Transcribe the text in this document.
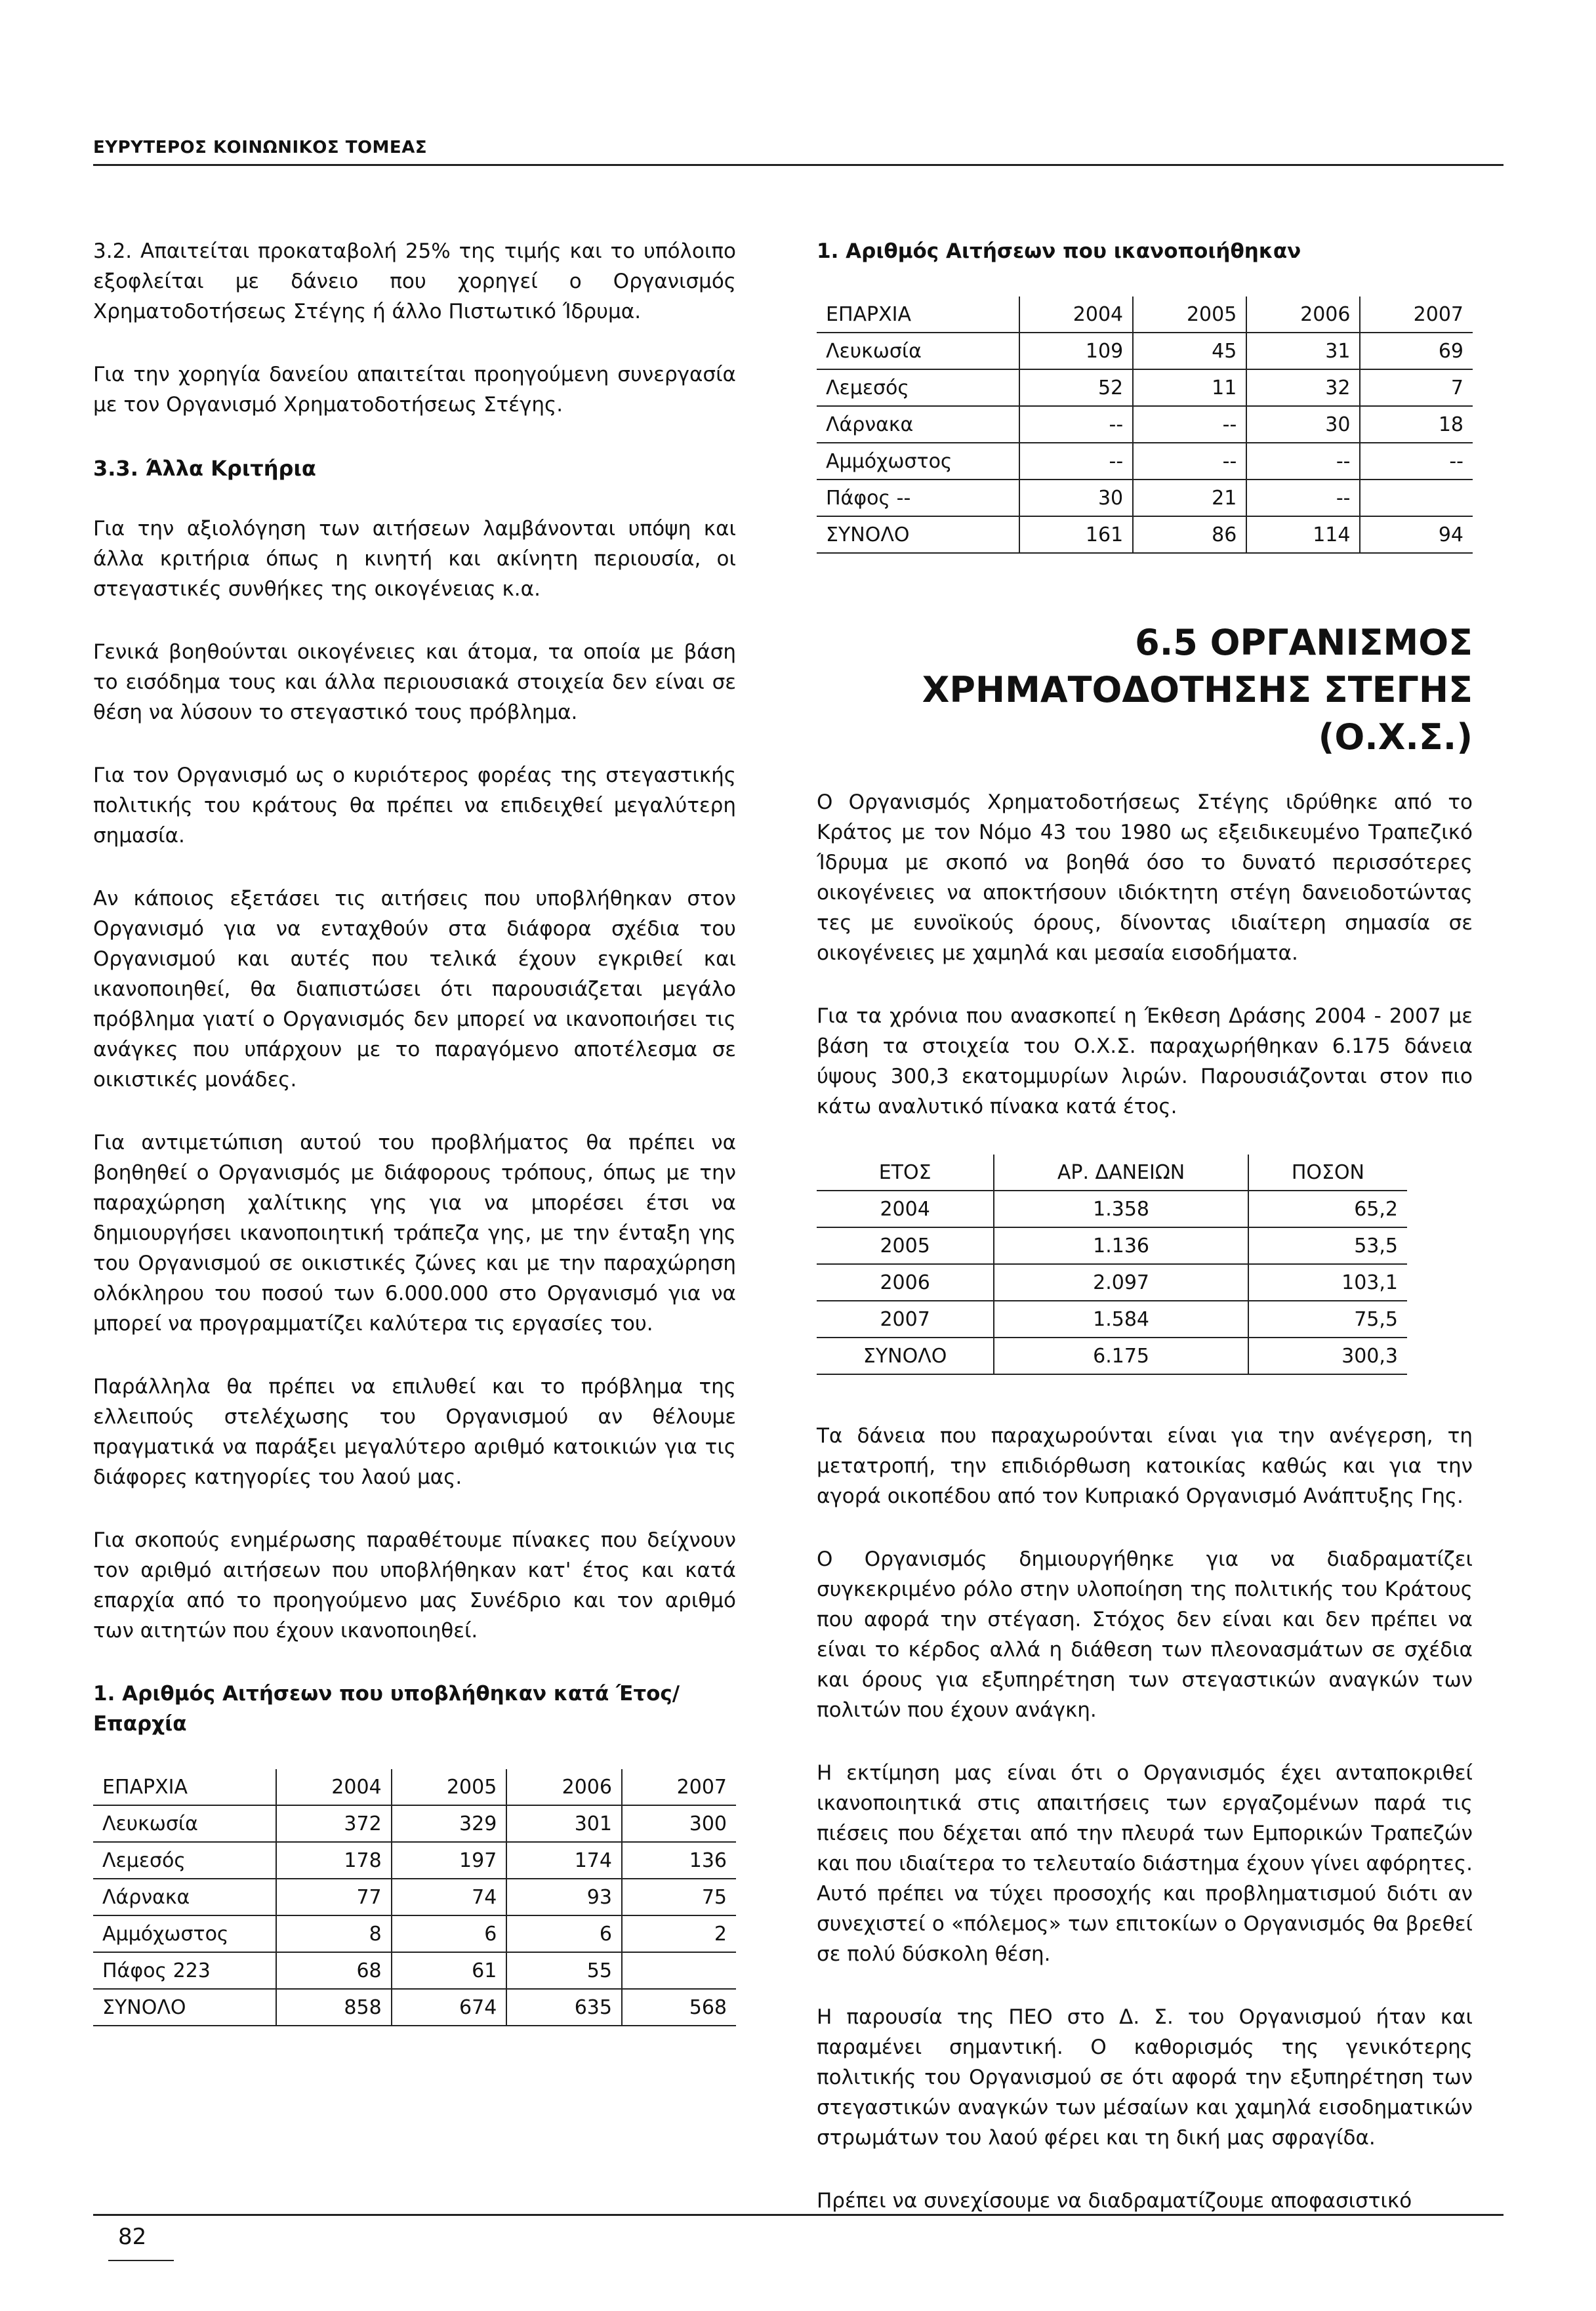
ΕΥΡΥΤΕΡΟΣ ΚΟΙΝΩΝΙΚΟΣ ΤΟΜΕΑΣ

3.2. Απαιτείται προκαταβολή 25% της τιμής και το υπόλοιπο εξοφλείται με δάνειο που χορηγεί ο Οργανισμός Χρηματοδοτήσεως Στέγης ή άλλο Πιστωτικό Ίδρυμα.

Για την χορηγία δανείου απαιτείται προηγούμενη συνεργασία με τον Οργανισμό Χρηματοδοτήσεως Στέγης.

3.3. Άλλα Κριτήρια

Για την αξιολόγηση των αιτήσεων λαμβάνονται υπόψη και άλλα κριτήρια όπως η κινητή και ακίνητη περιουσία, οι στεγαστικές συνθήκες της οικογένειας κ.α.

Γενικά βοηθούνται οικογένειες και άτομα, τα οποία με βάση το εισόδημα τους και άλλα περιουσιακά στοιχεία δεν είναι σε θέση να λύσουν το στεγαστικό τους πρόβλημα.

Για τον Οργανισμό ως ο κυριότερος φορέας της στεγαστικής πολιτικής του κράτους θα πρέπει να επιδειχθεί μεγαλύτερη σημασία.

Αν κάποιος εξετάσει τις αιτήσεις που υποβλήθηκαν στον Οργανισμό για να ενταχθούν στα διάφορα σχέδια του Οργανισμού και αυτές που τελικά έχουν εγκριθεί και ικανοποιηθεί, θα διαπιστώσει ότι παρουσιάζεται μεγάλο πρόβλημα γιατί ο Οργανισμός δεν μπορεί να ικανοποιήσει τις ανάγκες που υπάρχουν με το παραγόμενο αποτέλεσμα σε οικιστικές μονάδες.

Για αντιμετώπιση αυτού του προβλήματος θα πρέπει να βοηθηθεί ο Οργανισμός με διάφορους τρόπους, όπως με την παραχώρηση χαλίτικης γης για να μπορέσει έτσι να δημιουργήσει ικανοποιητική τράπεζα γης, με την ένταξη γης του Οργανισμού σε οικιστικές ζώνες και με την παραχώρηση ολόκληρου του ποσού των 6.000.000 στο Οργανισμό για να μπορεί να προγραμματίζει καλύτερα τις εργασίες του.

Παράλληλα θα πρέπει να επιλυθεί και το πρόβλημα της ελλειπούς στελέχωσης του Οργανισμού αν θέλουμε πραγματικά να παράξει μεγαλύτερο αριθμό κατοικιών για τις διάφορες κατηγορίες του λαού μας.

Για σκοπούς ενημέρωσης παραθέτουμε πίνακες που δείχνουν τον αριθμό αιτήσεων που υποβλήθηκαν κατ' έτος και κατά επαρχία από το προηγούμενο μας Συνέδριο και τον αριθμό των αιτητών που έχουν ικανοποιηθεί.

1. Αριθμός Αιτήσεων που υποβλήθηκαν κατά Έτος/ Επαρχία
ΕΠΑΡΧΙΑ	2004	2005	2006	2007
Λευκωσία	372	329	301	300
Λεμεσός	178	197	174	136
Λάρνακα	77	74	93	75
Αμμόχωστος	8	6	6	2
Πάφος 223	68	61	55	
ΣΥΝΟΛΟ	858	674	635	568
1. Αριθμός Αιτήσεων που ικανοποιήθηκαν
ΕΠΑΡΧΙΑ	2004	2005	2006	2007
Λευκωσία	109	45	31	69
Λεμεσός	52	11	32	7
Λάρνακα	--	--	30	18
Αμμόχωστος	--	--	--	--
Πάφος --	30	21	--	
ΣΥΝΟΛΟ	161	86	114	94
6.5 ΟΡΓΑΝΙΣΜΟΣ
ΧΡΗΜΑΤΟΔΟΤΗΣΗΣ ΣΤΕΓΗΣ (Ο.Χ.Σ.)

Ο Οργανισμός Χρηματοδοτήσεως Στέγης ιδρύθηκε από το Κράτος με τον Νόμο 43 του 1980 ως εξειδικευμένο Τραπεζικό Ίδρυμα με σκοπό να βοηθά όσο το δυνατό περισσότερες οικογένειες να αποκτήσουν ιδιόκτητη στέγη δανειοδοτώντας τες με ευνοϊκούς όρους, δίνοντας ιδιαίτερη σημασία σε οικογένειες με χαμηλά και μεσαία εισοδήματα.

Για τα χρόνια που ανασκοπεί η Έκθεση Δράσης 2004 - 2007 με βάση τα στοιχεία του Ο.Χ.Σ. παραχωρήθηκαν 6.175 δάνεια ύψους 300,3 εκατομμυρίων λιρών. Παρουσιάζονται στον πιο κάτω αναλυτικό πίνακα κατά έτος.

ΕΤΟΣ	ΑΡ. ΔΑΝΕΙΩΝ	ΠΟΣΟΝ
2004	1.358	65,2
2005	1.136	53,5
2006	2.097	103,1
2007	1.584	75,5
ΣΥΝΟΛΟ	6.175	300,3

Τα δάνεια που παραχωρούνται είναι για την ανέγερση, τη μετατροπή, την επιδιόρθωση κατοικίας καθώς και για την αγορά οικοπέδου από τον Κυπριακό Οργανισμό Ανάπτυξης Γης.

Ο Οργανισμός δημιουργήθηκε για να διαδραματίζει συγκεκριμένο ρόλο στην υλοποίηση της πολιτικής του Κράτους που αφορά την στέγαση. Στόχος δεν είναι και δεν πρέπει να είναι το κέρδος αλλά η διάθεση των πλεονασμάτων σε σχέδια και όρους για εξυπηρέτηση των στεγαστικών αναγκών των πολιτών που έχουν ανάγκη.

Η εκτίμηση μας είναι ότι ο Οργανισμός έχει ανταποκριθεί ικανοποιητικά στις απαιτήσεις των εργαζομένων παρά τις πιέσεις που δέχεται από την πλευρά των Εμπορικών Τραπεζών και που ιδιαίτερα το τελευταίο διάστημα έχουν γίνει αφόρητες. Αυτό πρέπει να τύχει προσοχής και προβληματισμού διότι αν συνεχιστεί ο «πόλεμος» των επιτοκίων ο Οργανισμός θα βρεθεί σε πολύ δύσκολη θέση.

Η παρουσία της ΠΕΟ στο Δ. Σ. του Οργανισμού ήταν και παραμένει σημαντική. Ο καθορισμός της γενικότερης πολιτικής του Οργανισμού σε ότι αφορά την εξυπηρέτηση των στεγαστικών αναγκών των μέσαίων και χαμηλά εισοδηματικών στρωμάτων του λαού φέρει και τη δική μας σφραγίδα.

Πρέπει να συνεχίσουμε να διαδραματίζουμε αποφασιστικό

82
